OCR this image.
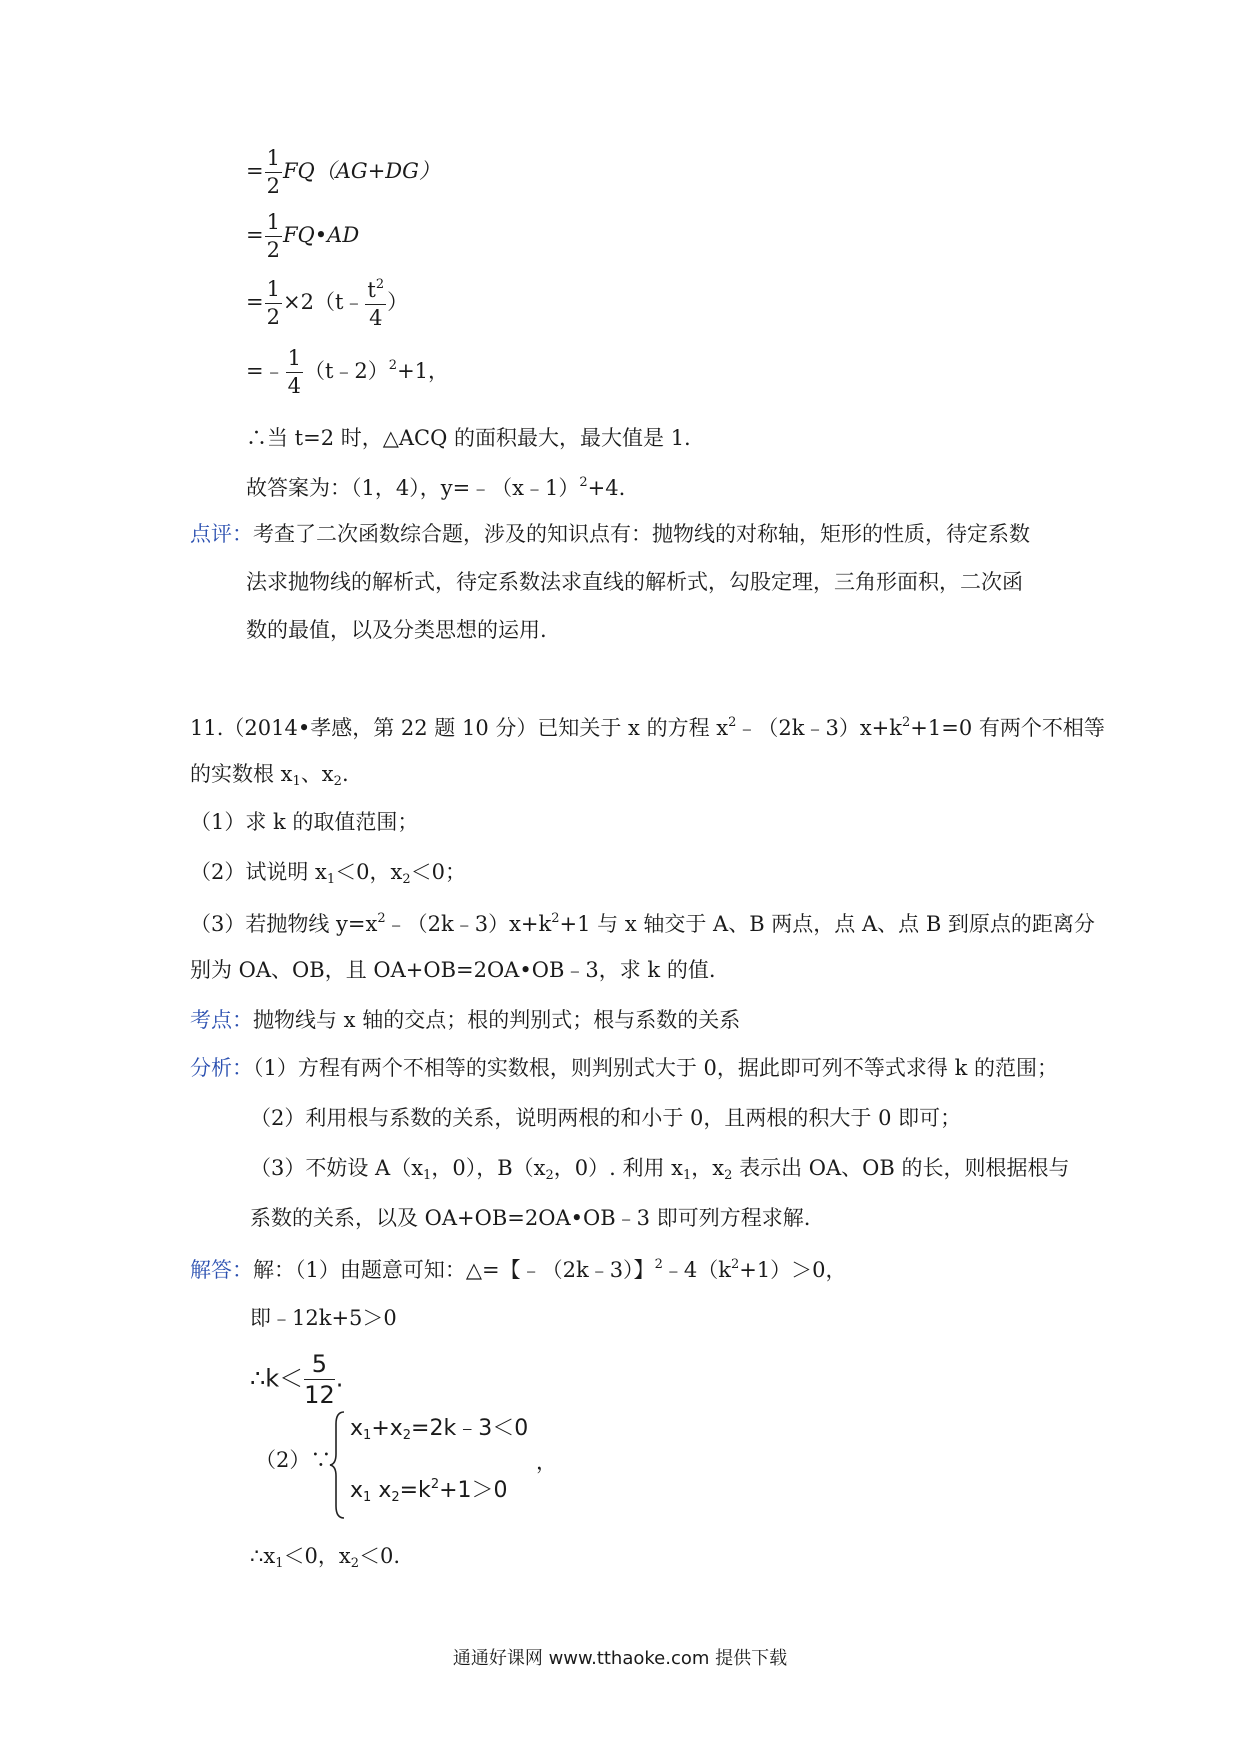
= $\frac{1}{2} FQ(AG+DG)$
= $\frac{1}{2}$ FQ•AD
= $\frac{1}{2}$ ×2（t﹣ $\frac{t^2}{4}$ ）
=﹣ $\frac{1}{4}$ （t﹣2）$^2$+1，
∴当 t=2 时，△ACQ 的面积最大，最大值是 1.
故答案为：（1，4），y=﹣（x﹣1）$^2$+4.
点评：考查了二次函数综合题，涉及的知识点有：抛物线的对称轴，矩形的性质，待定系数
法求抛物线的解析式，待定系数法求直线的解析式，勾股定理，三角形面积，二次函
数的最值，以及分类思想的运用.
11.（2014•孝感，第 22 题 10 分）已知关于 x 的方程 $x^2﹣(2k﹣3)x+k^2+1=0$ 有两个不相等
的实数根 $x_1$、$x_2$.
（1）求 k 的取值范围；
（2）试说明 $x_1<0$，$x_2<0$；
（3）若抛物线 $y=x^2﹣(2k﹣3)x+k^2+1$ 与 x 轴交于 A、B 两点，点 A、点 B 到原点的距离分
别为 OA、OB，且 OA+OB=2OA•OB﹣3，求 k 的值.
考点：抛物线与 x 轴的交点；根的判别式；根与系数的关系
分析：（1）方程有两个不相等的实数根，则判别式大于 0，据此即可列不等式求得 k 的范围；
（2）利用根与系数的关系，说明两根的和小于 0，且两根的积大于 0 即可；
（3）不妨设 $A(x_1$，0），$B(x_2$，0）. 利用 $x_1$，$x_2$ 表示出 OA、OB 的长，则根据根与
系数的关系，以及 OA+OB=2OA•OB﹣3 即可列方程求解.
解答：解：（1）由题意可知：△=【﹣（2k﹣3）】$^2﹣4(k^2+1)>0$，
即﹣12k+5＞0
∴k＜ $\frac{5}{12}$ .
（2）∵
$x_1+x_2=2k﹣3<0$
$x_1$ $x_2=k^2+1>0$
，
$\therefore x_1<0$，$x_2<0$.
通通好课网 www.tthaoke.com 提供下载
